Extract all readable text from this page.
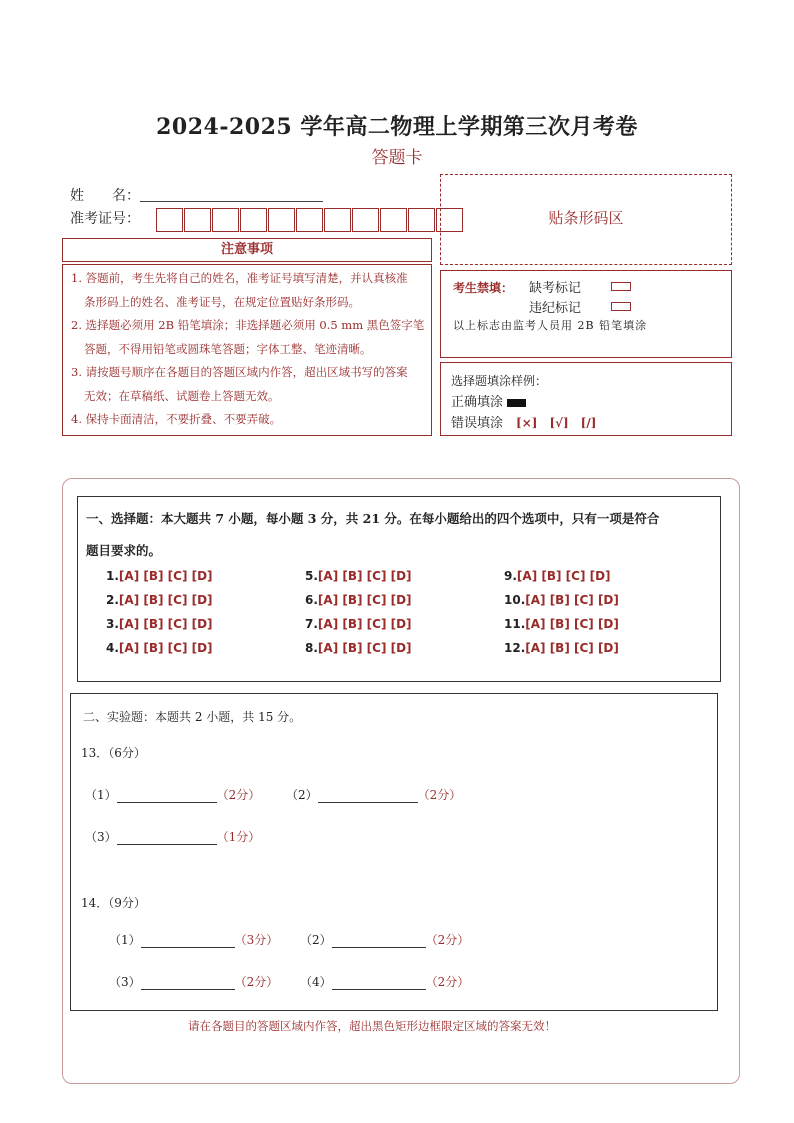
2024-2025 学年高二物理上学期第三次月考卷
答题卡
姓　　名：
准考证号：	贴条形码区
注意事项

1. 答题前，考生先将自己的姓名，准考证号填写清楚，并认真核准
条形码上的姓名、准考证号，在规定位置贴好条形码。

2. 选择题必须用 2B 铅笔填涂；非选择题必须用 0.5 mm 黑色签字笔
答题，不得用铅笔或圆珠笔答题；字体工整、笔迹清晰。

3. 请按题号顺序在各题目的答题区域内作答，超出区域书写的答案
无效；在草稿纸、试题卷上答题无效。

4. 保持卡面清洁，不要折叠、不要弄破。

考生禁填： 缺考标记
违纪标记
以上标志由监考人员用 2B 铅笔填涂
选择题填涂样例：
正确填涂
错误填涂　 [×]　[√]　[/]
一、选择题：本大题共 7 小题，每小题 3 分，共 21 分。在每小题给出的四个选项中，只有一项是符合
题目要求的。
1.[A] [B] [C] [D]
2.[A] [B] [C] [D]
3.[A] [B] [C] [D]
4.[A] [B] [C] [D]
5.[A] [B] [C] [D]
6.[A] [B] [C] [D]
7.[A] [B] [C] [D]
8.[A] [B] [C] [D]
9.[A] [B] [C] [D]
10.[A] [B] [C] [D]
11.[A] [B] [C] [D]
12.[A] [B] [C] [D]
二、实验题：本题共 2 小题，共 15 分。
13．（6分）
（1）	（2分） （2）	（2分）
（3）	（1分）
14．（9分）
（1）	（3分） （2）	（2分）
（3）	（2分） （4）	（2分）
请在各题目的答题区域内作答，超出黑色矩形边框限定区域的答案无效！
